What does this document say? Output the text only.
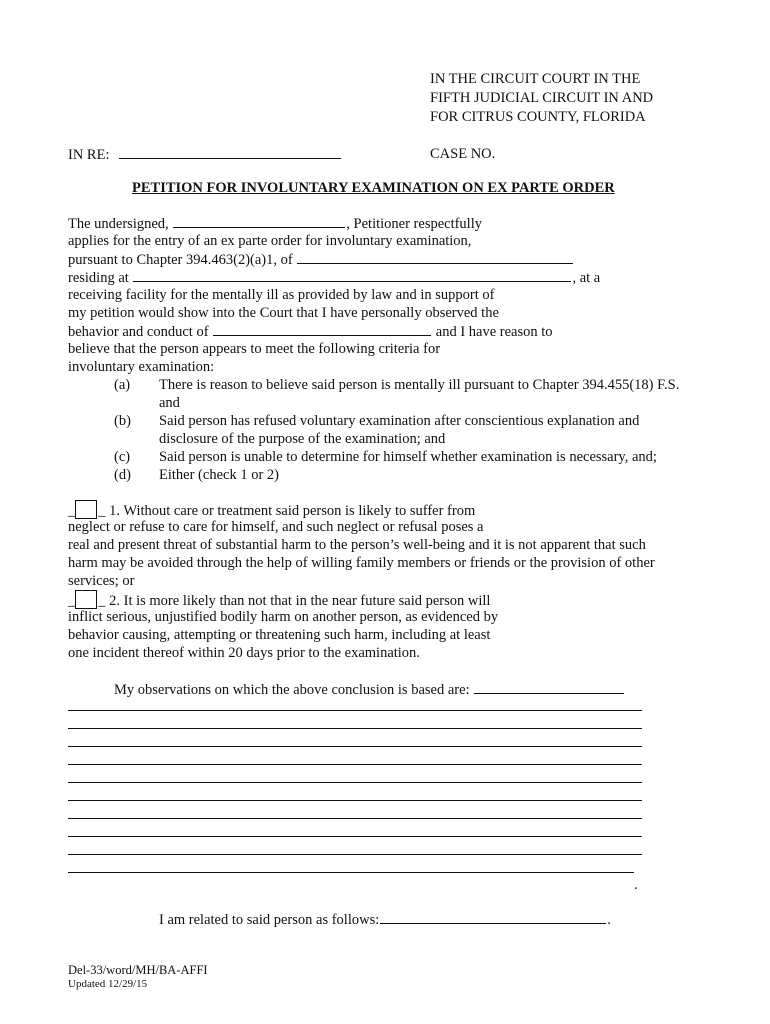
IN THE CIRCUIT COURT IN THE
FIFTH JUDICIAL CIRCUIT IN AND
FOR CITRUS COUNTY, FLORIDA
IN RE:	CASE NO.
PETITION FOR INVOLUNTARY EXAMINATION ON EX PARTE ORDER
The undersigned,	, Petitioner respectfully
applies for the entry of an ex parte order for involuntary examination,
pursuant to Chapter 394.463(2)(a)1, of
residing at	, at a
receiving facility for the mentally ill as provided by law and in support of
my petition would show into the Court that I have personally observed the
behavior and conduct of	and I have reason to
believe that the person appears to meet the following criteria for
involuntary examination:
(a) There is reason to believe said person is mentally ill pursuant to Chapter 394.455(18) F.S.
and
(b) Said person has refused voluntary examination after conscientious explanation and
disclosure of the purpose of the examination; and
(c) Said person is unable to determine for himself whether examination is necessary, and;
(d) Either (check 1 or 2)
_ _ 1. Without care or treatment said person is likely to suffer from
neglect or refuse to care for himself, and such neglect or refusal poses a
real and present threat of substantial harm to the person’s well-being and it is not apparent that such
harm may be avoided through the help of willing family members or friends or the provision of other
services; or
_ _ 2. It is more likely than not that in the near future said person will
inflict serious, unjustified bodily harm on another person, as evidenced by
behavior causing, attempting or threatening such harm, including at least
one incident thereof within 20 days prior to the examination.
My observations on which the above conclusion is based are:
.
I am related to said person as follows:	.
Del-33/word/MH/BA-AFFI
Updated 12/29/15
